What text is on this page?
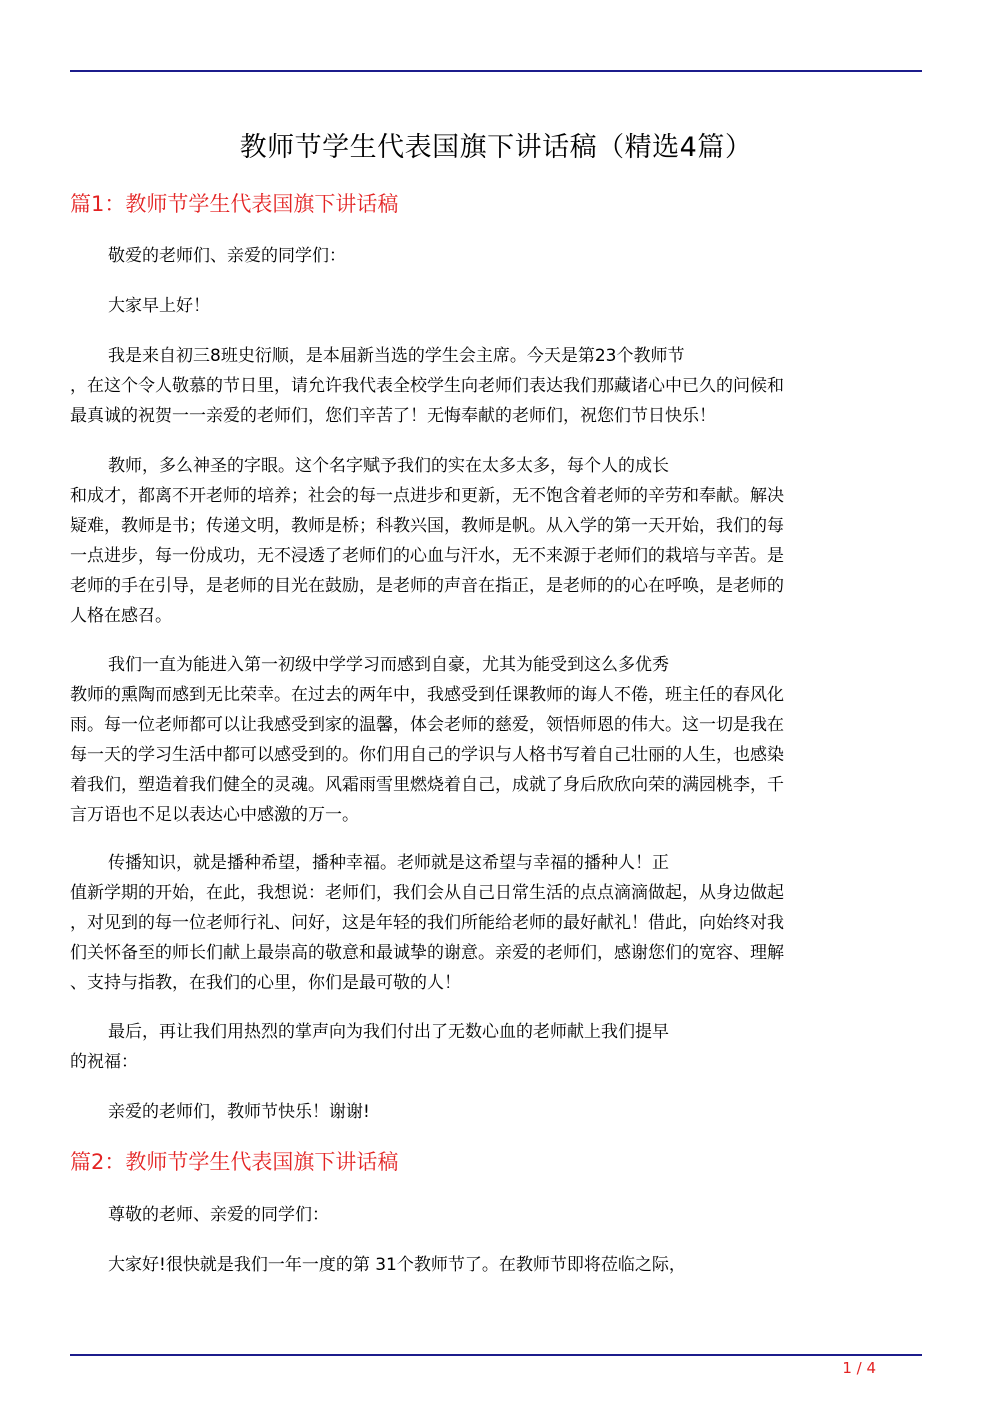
教师节学生代表国旗下讲话稿（精选4篇）
篇1：教师节学生代表国旗下讲话稿
敬爱的老师们、亲爱的同学们：
大家早上好！
我是来自初三8班史衍顺，是本届新当选的学生会主席。今天是第23个教师节
，在这个令人敬慕的节日里，请允许我代表全校学生向老师们表达我们那藏诸心中已久的问候和
最真诚的祝贺一一亲爱的老师们，您们辛苦了！无悔奉献的老师们，祝您们节日快乐！
教师，多么神圣的字眼。这个名字赋予我们的实在太多太多，每个人的成长
和成才，都离不开老师的培养；社会的每一点进步和更新，无不饱含着老师的辛劳和奉献。解决
疑难，教师是书；传递文明，教师是桥；科教兴国，教师是帆。从入学的第一天开始，我们的每
一点进步，每一份成功，无不浸透了老师们的心血与汗水，无不来源于老师们的栽培与辛苦。是
老师的手在引导，是老师的目光在鼓励，是老师的声音在指正，是老师的的心在呼唤，是老师的
人格在感召。
我们一直为能进入第一初级中学学习而感到自豪，尤其为能受到这么多优秀
教师的熏陶而感到无比荣幸。在过去的两年中，我感受到任课教师的诲人不倦，班主任的春风化
雨。每一位老师都可以让我感受到家的温馨，体会老师的慈爱，领悟师恩的伟大。这一切是我在
每一天的学习生活中都可以感受到的。你们用自己的学识与人格书写着自己壮丽的人生，也感染
着我们，塑造着我们健全的灵魂。风霜雨雪里燃烧着自己，成就了身后欣欣向荣的满园桃李，千
言万语也不足以表达心中感激的万一。
传播知识，就是播种希望，播种幸福。老师就是这希望与幸福的播种人！正
值新学期的开始，在此，我想说：老师们，我们会从自己日常生活的点点滴滴做起，从身边做起
，对见到的每一位老师行礼、问好，这是年轻的我们所能给老师的最好献礼！借此，向始终对我
们关怀备至的师长们献上最崇高的敬意和最诚挚的谢意。亲爱的老师们，感谢您们的宽容、理解
、支持与指教，在我们的心里，你们是最可敬的人！
最后，再让我们用热烈的掌声向为我们付出了无数心血的老师献上我们提早
的祝福：
亲爱的老师们，教师节快乐！谢谢!
篇2：教师节学生代表国旗下讲话稿
尊敬的老师、亲爱的同学们：
大家好!很快就是我们一年一度的第 31个教师节了。在教师节即将莅临之际，
1 / 4
